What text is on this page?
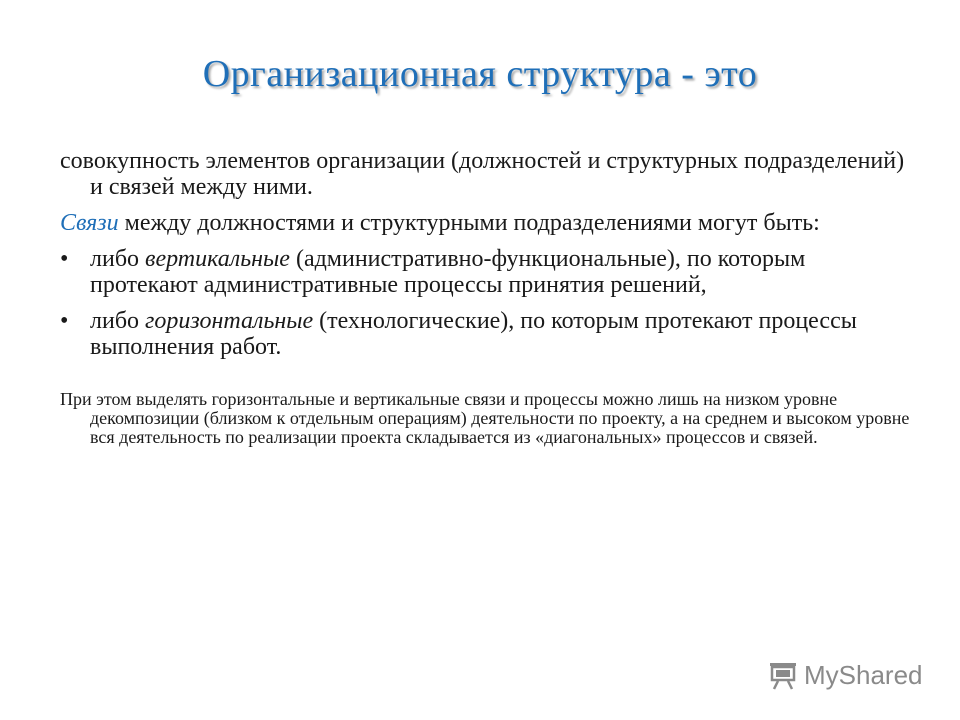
Организационная структура - это

совокупность элементов организации (должностей и структурных подразделений) и связей между ними.

Связи между должностями и структурными подразделениями могут быть:

• либо вертикальные (административно-функциональные), по которым протекают административные процессы принятия решений,
• либо горизонтальные (технологические), по которым протекают процессы выполнения работ.

При этом выделять горизонтальные и вертикальные связи и процессы можно лишь на низком уровне декомпозиции (близком к отдельным операциям) деятельности по проекту, а на среднем и высоком уровне вся деятельность по реализации проекта складывается из «диагональных» процессов и связей.

MyShared
